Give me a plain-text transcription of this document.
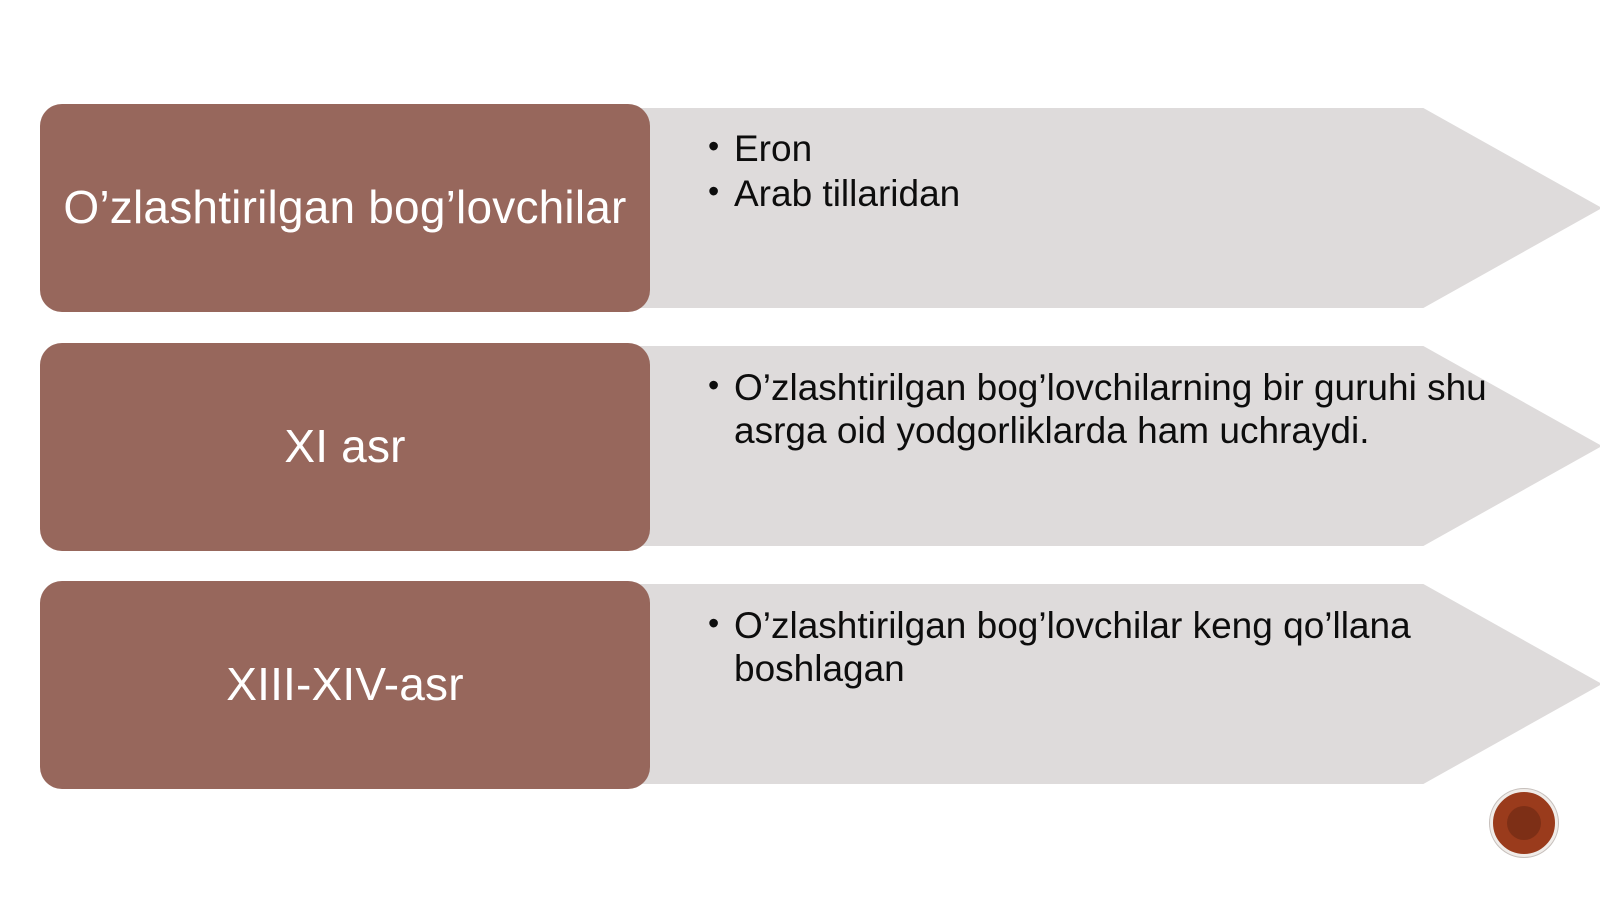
O’zlashtirilgan bog’lovchilar
• Eron
• Arab tillaridan
XI asr
• O’zlashtirilgan bog’lovchilarning bir guruhi shu asrga oid yodgorliklarda ham uchraydi.
XIII-XIV-asr
• O’zlashtirilgan bog’lovchilar keng qo’llana boshlagan
